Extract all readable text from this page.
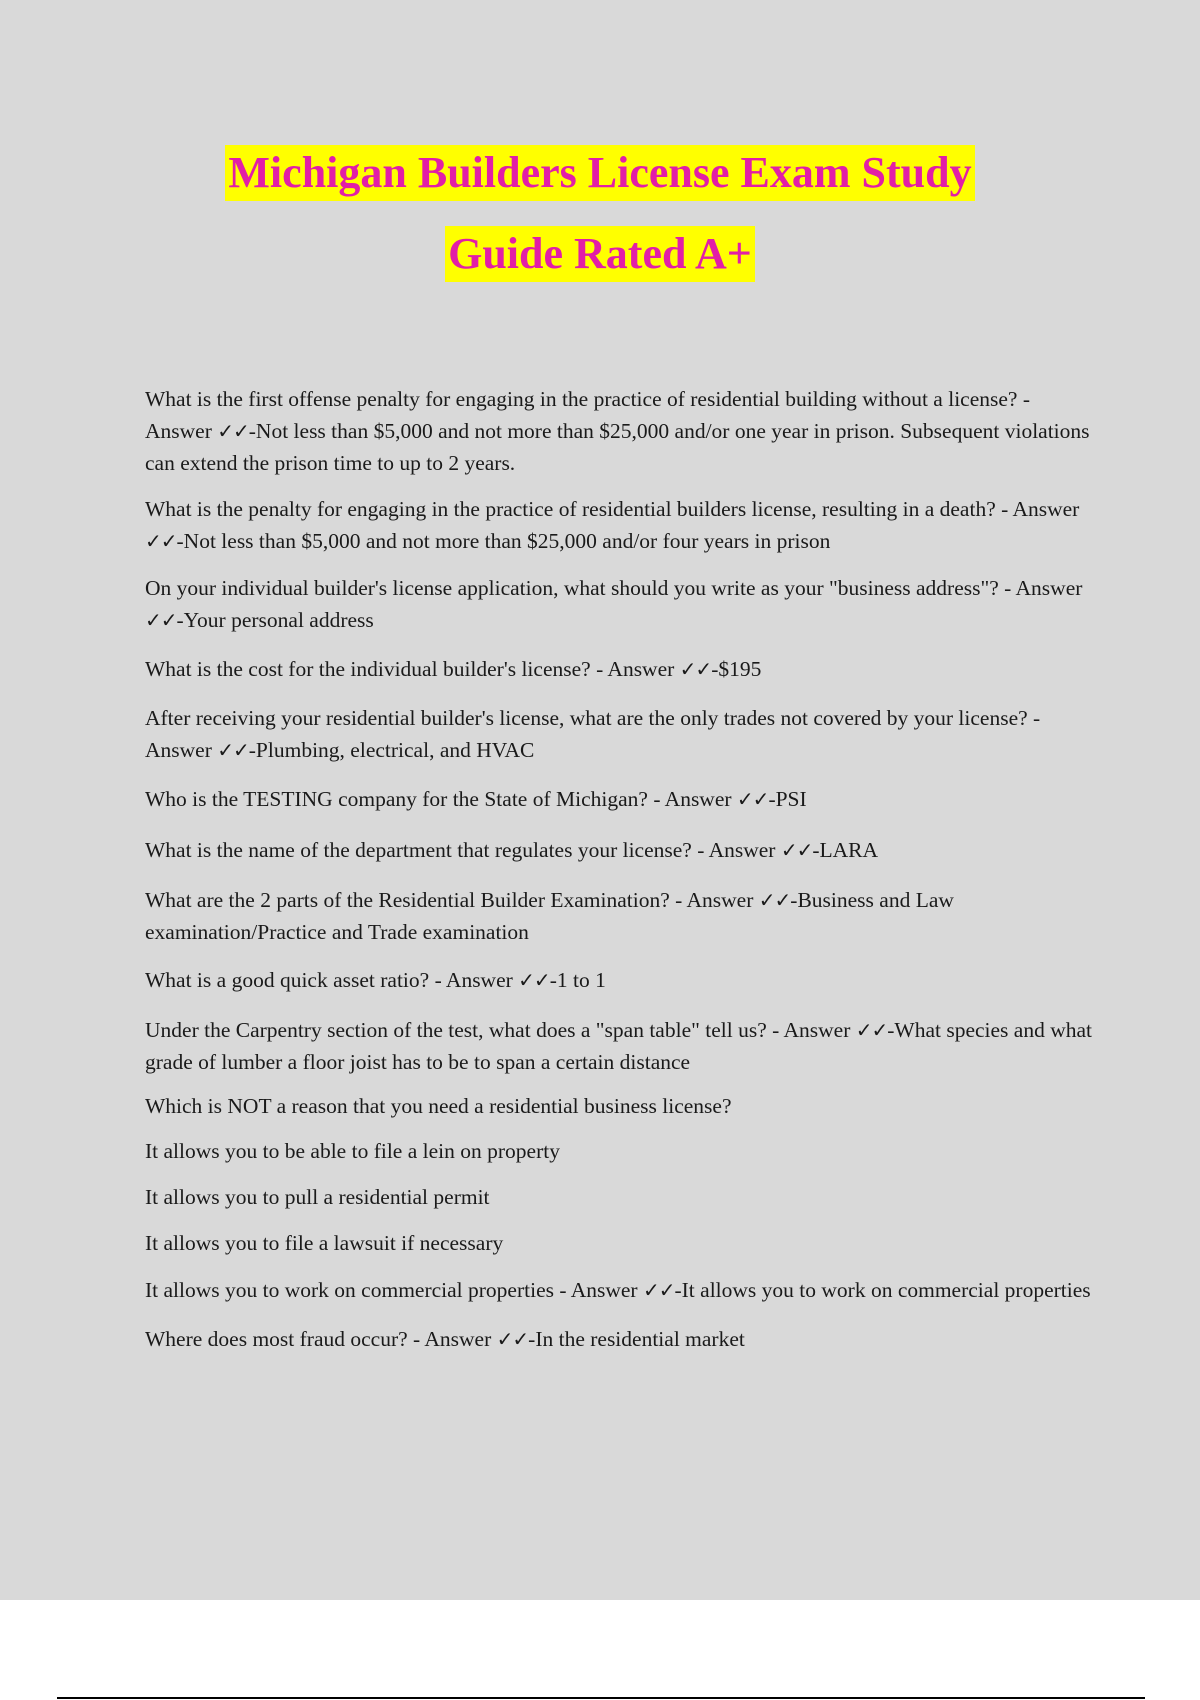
Michigan Builders License Exam Study
Guide Rated A+

What is the first offense penalty for engaging in the practice of residential building without a license? - Answer ✓✓-Not less than $5,000 and not more than $25,000 and/or one year in prison. Subsequent violations can extend the prison time to up to 2 years.

What is the penalty for engaging in the practice of residential builders license, resulting in a death? - Answer ✓✓-Not less than $5,000 and not more than $25,000 and/or four years in prison

On your individual builder's license application, what should you write as your "business address"? - Answer ✓✓-Your personal address

What is the cost for the individual builder's license? - Answer ✓✓-$195

After receiving your residential builder's license, what are the only trades not covered by your license? - Answer ✓✓-Plumbing, electrical, and HVAC

Who is the TESTING company for the State of Michigan? - Answer ✓✓-PSI

What is the name of the department that regulates your license? - Answer ✓✓-LARA

What are the 2 parts of the Residential Builder Examination? - Answer ✓✓-Business and Law examination/Practice and Trade examination

What is a good quick asset ratio? - Answer ✓✓-1 to 1

Under the Carpentry section of the test, what does a "span table" tell us? - Answer ✓✓-What species and what grade of lumber a floor joist has to be to span a certain distance

Which is NOT a reason that you need a residential business license?

It allows you to be able to file a lein on property

It allows you to pull a residential permit

It allows you to file a lawsuit if necessary

It allows you to work on commercial properties - Answer ✓✓-It allows you to work on commercial properties

Where does most fraud occur? - Answer ✓✓-In the residential market
